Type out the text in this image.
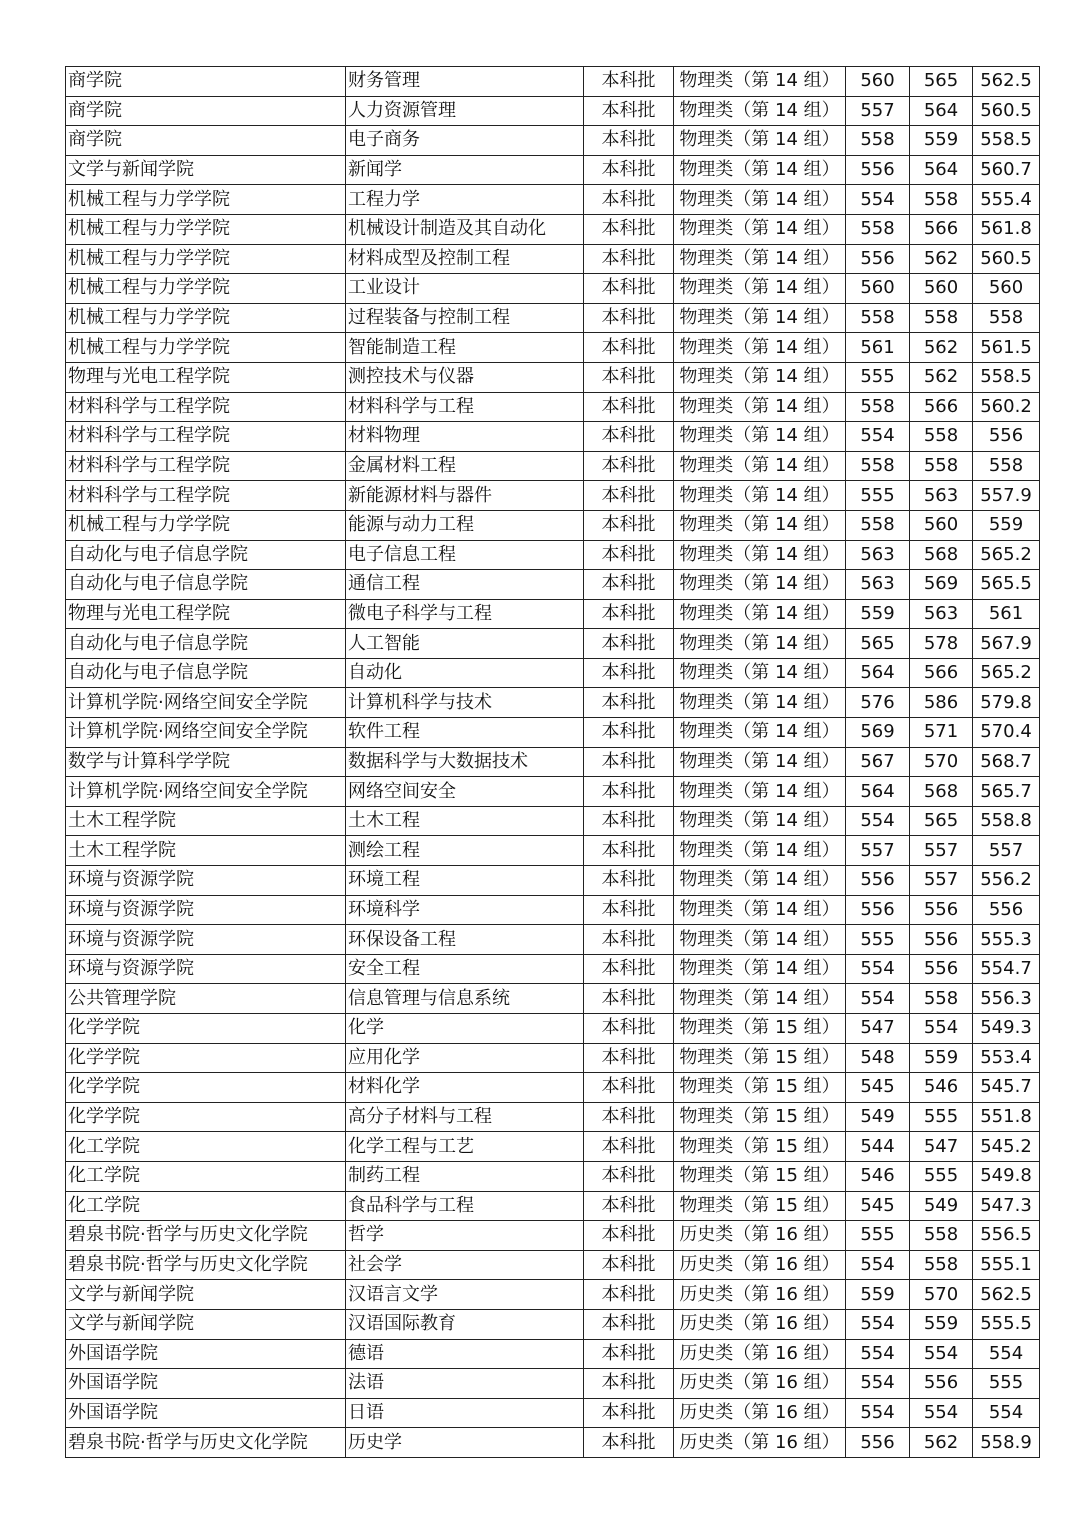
商学院	财务管理	本科批	物理类（第 14 组）	560	565	562.5
商学院	人力资源管理	本科批	物理类（第 14 组）	557	564	560.5
商学院	电子商务	本科批	物理类（第 14 组）	558	559	558.5
文学与新闻学院	新闻学	本科批	物理类（第 14 组）	556	564	560.7
机械工程与力学学院	工程力学	本科批	物理类（第 14 组）	554	558	555.4
机械工程与力学学院	机械设计制造及其自动化	本科批	物理类（第 14 组）	558	566	561.8
机械工程与力学学院	材料成型及控制工程	本科批	物理类（第 14 组）	556	562	560.5
机械工程与力学学院	工业设计	本科批	物理类（第 14 组）	560	560	560
机械工程与力学学院	过程装备与控制工程	本科批	物理类（第 14 组）	558	558	558
机械工程与力学学院	智能制造工程	本科批	物理类（第 14 组）	561	562	561.5
物理与光电工程学院	测控技术与仪器	本科批	物理类（第 14 组）	555	562	558.5
材料科学与工程学院	材料科学与工程	本科批	物理类（第 14 组）	558	566	560.2
材料科学与工程学院	材料物理	本科批	物理类（第 14 组）	554	558	556
材料科学与工程学院	金属材料工程	本科批	物理类（第 14 组）	558	558	558
材料科学与工程学院	新能源材料与器件	本科批	物理类（第 14 组）	555	563	557.9
机械工程与力学学院	能源与动力工程	本科批	物理类（第 14 组）	558	560	559
自动化与电子信息学院	电子信息工程	本科批	物理类（第 14 组）	563	568	565.2
自动化与电子信息学院	通信工程	本科批	物理类（第 14 组）	563	569	565.5
物理与光电工程学院	微电子科学与工程	本科批	物理类（第 14 组）	559	563	561
自动化与电子信息学院	人工智能	本科批	物理类（第 14 组）	565	578	567.9
自动化与电子信息学院	自动化	本科批	物理类（第 14 组）	564	566	565.2
计算机学院·网络空间安全学院	计算机科学与技术	本科批	物理类（第 14 组）	576	586	579.8
计算机学院·网络空间安全学院	软件工程	本科批	物理类（第 14 组）	569	571	570.4
数学与计算科学学院	数据科学与大数据技术	本科批	物理类（第 14 组）	567	570	568.7
计算机学院·网络空间安全学院	网络空间安全	本科批	物理类（第 14 组）	564	568	565.7
土木工程学院	土木工程	本科批	物理类（第 14 组）	554	565	558.8
土木工程学院	测绘工程	本科批	物理类（第 14 组）	557	557	557
环境与资源学院	环境工程	本科批	物理类（第 14 组）	556	557	556.2
环境与资源学院	环境科学	本科批	物理类（第 14 组）	556	556	556
环境与资源学院	环保设备工程	本科批	物理类（第 14 组）	555	556	555.3
环境与资源学院	安全工程	本科批	物理类（第 14 组）	554	556	554.7
公共管理学院	信息管理与信息系统	本科批	物理类（第 14 组）	554	558	556.3
化学学院	化学	本科批	物理类（第 15 组）	547	554	549.3
化学学院	应用化学	本科批	物理类（第 15 组）	548	559	553.4
化学学院	材料化学	本科批	物理类（第 15 组）	545	546	545.7
化学学院	高分子材料与工程	本科批	物理类（第 15 组）	549	555	551.8
化工学院	化学工程与工艺	本科批	物理类（第 15 组）	544	547	545.2
化工学院	制药工程	本科批	物理类（第 15 组）	546	555	549.8
化工学院	食品科学与工程	本科批	物理类（第 15 组）	545	549	547.3
碧泉书院·哲学与历史文化学院	哲学	本科批	历史类（第 16 组）	555	558	556.5
碧泉书院·哲学与历史文化学院	社会学	本科批	历史类（第 16 组）	554	558	555.1
文学与新闻学院	汉语言文学	本科批	历史类（第 16 组）	559	570	562.5
文学与新闻学院	汉语国际教育	本科批	历史类（第 16 组）	554	559	555.5
外国语学院	德语	本科批	历史类（第 16 组）	554	554	554
外国语学院	法语	本科批	历史类（第 16 组）	554	556	555
外国语学院	日语	本科批	历史类（第 16 组）	554	554	554
碧泉书院·哲学与历史文化学院	历史学	本科批	历史类（第 16 组）	556	562	558.9
